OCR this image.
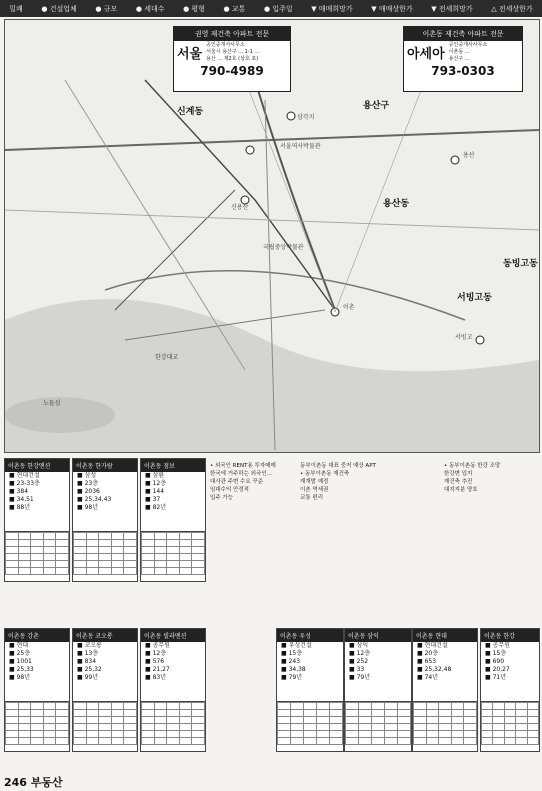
밀쾌	● 건설업체	● 규모	● 세대수	● 평형	● 교통	● 입주일	▼ 매매희망가	▼ 매매상한가	▼ 전세희망가	△ 전세상한가
신계동
용산구
용산동
서빙고동
동빙고동
이촌
노들섬
삼각지
신용산
서빙고
용산
한강대교
서울역사박물관
국립중앙박물관
권영 재건축 아파트 전문
서울
공인중개사사무소
서울시 용산구 ... 1-1 ...
용산 ... 제2호 (상호 포)
790-4989
이촌동 재건축 아파트 전문
아세아
공인중개사사무소
이촌동 ...
용산구 ...
793-0303
이촌동 한강맨션
■ 현대건설
■ 23-33층
■ 384
■ 34,51
■ 88년

이촌동 한가람
■ 삼성
■ 23층
■ 2036
■ 25,34,43
■ 98년

이촌동 점보
■ 삼환
■ 12층
■ 144
■ 37
■ 82년

이촌동 우성
■ 우성건설
■ 15층
■ 243
■ 34,38
■ 79년

이촌동 삼익
■ 삼익
■ 12층
■ 252
■ 33
■ 79년

이촌동 현대
■ 현대건설
■ 20층
■ 653
■ 25,32,48
■ 74년

이촌동 한강
■ 공무원
■ 15층
■ 690
■ 20,27
■ 71년

이촌동 강촌
■ 현대
■ 25층
■ 1001
■ 25,33
■ 98년

이촌동 코오롱
■ 코오롱
■ 13층
■ 834
■ 25,32
■ 99년

이촌동 빌라맨션
■ 공무원
■ 12층
■ 576
■ 21,27
■ 83년

• 외국인 RENT용 투자매매
한국에 거주하는 외국인...
대사관 주변 수요 꾸준
임대수익 안정적
입주 가능
동부이촌동 대표 중저 예상 APT
• 동부이촌동 재건축
재개발 예정
이촌 역세권
교통 편리
• 동부이촌동 한강 조망
한강변 입지
재건축 추진
대지지분 양호
246 부동산
